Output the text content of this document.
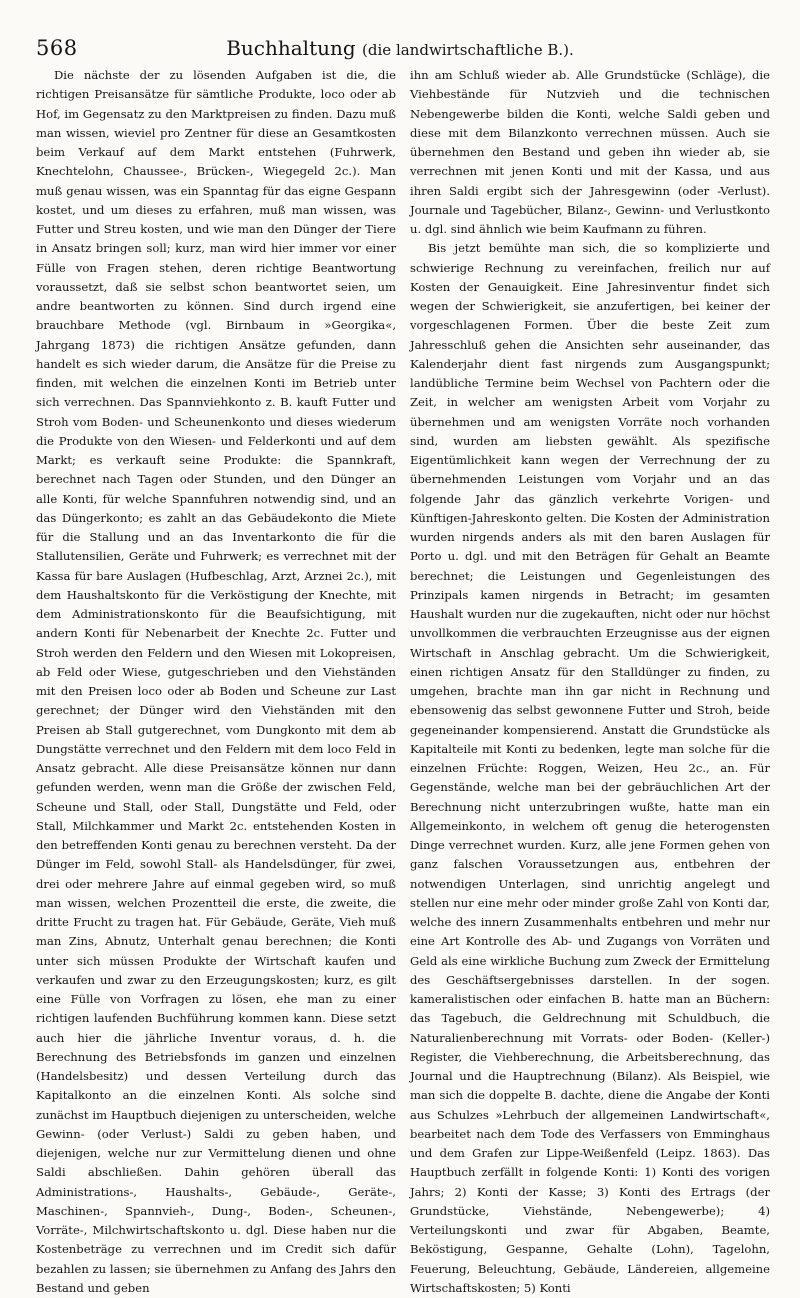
568	Buchhaltung (die landwirtschaftliche B.).

Die nächste der zu lösenden Aufgaben ist die, die richtigen Preisansätze für sämtliche Produkte, loco oder ab Hof, im Gegensatz zu den Marktpreisen zu finden. Dazu muß man wissen, wieviel pro Zentner für diese an Gesamtkosten beim Verkauf auf dem Markt entstehen (Fuhrwerk, Knechtelohn, Chaussee-, Brücken-, Wiegegeld 2c.). Man muß genau wissen, was ein Spanntag für das eigne Gespann kostet, und um dieses zu erfahren, muß man wissen, was Futter und Streu kosten, und wie man den Dünger der Tiere in Ansatz bringen soll; kurz, man wird hier immer vor einer Fülle von Fragen stehen, deren richtige Beantwortung voraussetzt, daß sie selbst schon beantwortet seien, um andre beantworten zu können. Sind durch irgend eine brauchbare Methode (vgl. Birnbaum in »Georgika«, Jahrgang 1873) die richtigen Ansätze gefunden, dann handelt es sich wieder darum, die Ansätze für die Preise zu finden, mit welchen die einzelnen Konti im Betrieb unter sich verrechnen. Das Spannviehkonto z. B. kauft Futter und Stroh vom Boden- und Scheunenkonto und dieses wiederum die Produkte von den Wiesen- und Felderkonti und auf dem Markt; es verkauft seine Produkte: die Spannkraft, berechnet nach Tagen oder Stunden, und den Dünger an alle Konti, für welche Spannfuhren notwendig sind, und an das Düngerkonto; es zahlt an das Gebäudekonto die Miete für die Stallung und an das Inventarkonto die für die Stallutensilien, Geräte und Fuhrwerk; es verrechnet mit der Kassa für bare Auslagen (Hufbeschlag, Arzt, Arznei 2c.), mit dem Haushaltskonto für die Verköstigung der Knechte, mit dem Administrationskonto für die Beaufsichtigung, mit andern Konti für Nebenarbeit der Knechte 2c. Futter und Stroh werden den Feldern und den Wiesen mit Lokopreisen, ab Feld oder Wiese, gutgeschrieben und den Viehständen mit den Preisen loco oder ab Boden und Scheune zur Last gerechnet; der Dünger wird den Viehständen mit den Preisen ab Stall gutgerechnet, vom Dungkonto mit dem ab Dungstätte verrechnet und den Feldern mit dem loco Feld in Ansatz gebracht. Alle diese Preisansätze können nur dann gefunden werden, wenn man die Größe der zwischen Feld, Scheune und Stall, oder Stall, Dungstätte und Feld, oder Stall, Milchkammer und Markt 2c. entstehenden Kosten in den betreffenden Konti genau zu berechnen versteht. Da der Dünger im Feld, sowohl Stall- als Handelsdünger, für zwei, drei oder mehrere Jahre auf einmal gegeben wird, so muß man wissen, welchen Prozentteil die erste, die zweite, die dritte Frucht zu tragen hat. Für Gebäude, Geräte, Vieh muß man Zins, Abnutz, Unterhalt genau berechnen; die Konti unter sich müssen Produkte der Wirtschaft kaufen und verkaufen und zwar zu den Erzeugungskosten; kurz, es gilt eine Fülle von Vorfragen zu lösen, ehe man zu einer richtigen laufenden Buchführung kommen kann. Diese setzt auch hier die jährliche Inventur voraus, d. h. die Berechnung des Betriebsfonds im ganzen und einzelnen (Handelsbesitz) und dessen Verteilung durch das Kapitalkonto an die einzelnen Konti. Als solche sind zunächst im Hauptbuch diejenigen zu unterscheiden, welche Gewinn- (oder Verlust-) Saldi zu geben haben, und diejenigen, welche nur zur Vermittelung dienen und ohne Saldi abschließen. Dahin gehören überall das Administrations-, Haushalts-, Gebäude-, Geräte-, Maschinen-, Spannvieh-, Dung-, Boden-, Scheunen-, Vorräte-, Milchwirtschaftskonto u. dgl. Diese haben nur die Kostenbeträge zu verrechnen und im Credit sich dafür bezahlen zu lassen; sie übernehmen zu Anfang des Jahrs den Bestand und geben

ihn am Schluß wieder ab. Alle Grundstücke (Schläge), die Viehbestände für Nutzvieh und die technischen Nebengewerbe bilden die Konti, welche Saldi geben und diese mit dem Bilanzkonto verrechnen müssen. Auch sie übernehmen den Bestand und geben ihn wieder ab, sie verrechnen mit jenen Konti und mit der Kassa, und aus ihren Saldi ergibt sich der Jahresgewinn (oder -Verlust). Journale und Tagebücher, Bilanz-, Gewinn- und Verlustkonto u. dgl. sind ähnlich wie beim Kaufmann zu führen.

Bis jetzt bemühte man sich, die so komplizierte und schwierige Rechnung zu vereinfachen, freilich nur auf Kosten der Genauigkeit. Eine Jahresinventur findet sich wegen der Schwierigkeit, sie anzufertigen, bei keiner der vorgeschlagenen Formen. Über die beste Zeit zum Jahresschluß gehen die Ansichten sehr auseinander, das Kalenderjahr dient fast nirgends zum Ausgangspunkt; landübliche Termine beim Wechsel von Pachtern oder die Zeit, in welcher am wenigsten Arbeit vom Vorjahr zu übernehmen und am wenigsten Vorräte noch vorhanden sind, wurden am liebsten gewählt. Als spezifische Eigentümlichkeit kann wegen der Verrechnung der zu übernehmenden Leistungen vom Vorjahr und an das folgende Jahr das gänzlich verkehrte Vorigen- und Künftigen-Jahreskonto gelten. Die Kosten der Administration wurden nirgends anders als mit den baren Auslagen für Porto u. dgl. und mit den Beträgen für Gehalt an Beamte berechnet; die Leistungen und Gegenleistungen des Prinzipals kamen nirgends in Betracht; im gesamten Haushalt wurden nur die zugekauften, nicht oder nur höchst unvollkommen die verbrauchten Erzeugnisse aus der eignen Wirtschaft in Anschlag gebracht. Um die Schwierigkeit, einen richtigen Ansatz für den Stalldünger zu finden, zu umgehen, brachte man ihn gar nicht in Rechnung und ebensowenig das selbst gewonnene Futter und Stroh, beide gegeneinander kompensierend. Anstatt die Grundstücke als Kapitalteile mit Konti zu bedenken, legte man solche für die einzelnen Früchte: Roggen, Weizen, Heu 2c., an. Für Gegenstände, welche man bei der gebräuchlichen Art der Berechnung nicht unterzubringen wußte, hatte man ein Allgemeinkonto, in welchem oft genug die heterogensten Dinge verrechnet wurden. Kurz, alle jene Formen gehen von ganz falschen Voraussetzungen aus, entbehren der notwendigen Unterlagen, sind unrichtig angelegt und stellen nur eine mehr oder minder große Zahl von Konti dar, welche des innern Zusammenhalts entbehren und mehr nur eine Art Kontrolle des Ab- und Zugangs von Vorräten und Geld als eine wirkliche Buchung zum Zweck der Ermittelung des Geschäftsergebnisses darstellen. In der sogen. kameralistischen oder einfachen B. hatte man an Büchern: das Tagebuch, die Geldrechnung mit Schuldbuch, die Naturalienberechnung mit Vorrats- oder Boden- (Keller-) Register, die Viehberechnung, die Arbeitsberechnung, das Journal und die Hauptrechnung (Bilanz). Als Beispiel, wie man sich die doppelte B. dachte, diene die Angabe der Konti aus Schulzes »Lehrbuch der allgemeinen Landwirtschaft«, bearbeitet nach dem Tode des Verfassers von Emminghaus und dem Grafen zur Lippe-Weißenfeld (Leipz. 1863). Das Hauptbuch zerfällt in folgende Konti: 1) Konti des vorigen Jahrs; 2) Konti der Kasse; 3) Konti des Ertrags (der Grundstücke, Viehstände, Nebengewerbe); 4) Verteilungskonti und zwar für Abgaben, Beamte, Beköstigung, Gespanne, Gehalte (Lohn), Tagelohn, Feuerung, Beleuchtung, Gebäude, Ländereien, allgemeine Wirtschaftskosten; 5) Konti
